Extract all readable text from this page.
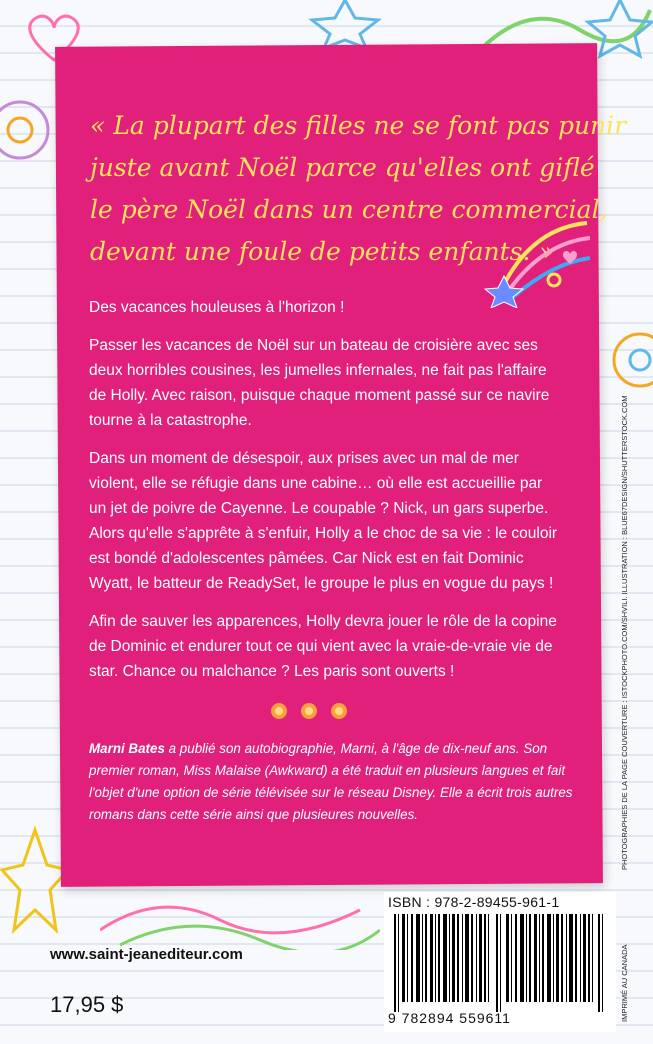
« La plupart des filles ne se font pas punir
juste avant Noël parce qu'elles ont giflé
le père Noël dans un centre commercial,
devant une foule de petits enfants. »

Des vacances houleuses à l'horizon !

Passer les vacances de Noël sur un bateau de croisière avec ses deux horribles cousines, les jumelles infernales, ne fait pas l'affaire de Holly. Avec raison, puisque chaque moment passé sur ce navire tourne à la catastrophe.

Dans un moment de désespoir, aux prises avec un mal de mer violent, elle se réfugie dans une cabine… où elle est accueillie par un jet de poivre de Cayenne. Le coupable ? Nick, un gars superbe. Alors qu'elle s'apprête à s'enfuir, Holly a le choc de sa vie : le couloir est bondé d'adolescentes pâmées. Car Nick est en fait Dominic Wyatt, le batteur de ReadySet, le groupe le plus en vogue du pays !

Afin de sauver les apparences, Holly devra jouer le rôle de la copine de Dominic et endurer tout ce qui vient avec la vraie-de-vraie vie de star. Chance ou malchance ? Les paris sont ouverts !

Marni Bates a publié son autobiographie, Marni, à l'âge de dix-neuf ans. Son premier roman, Miss Malaise (Awkward) a été traduit en plusieurs langues et fait l'objet d'une option de série télévisée sur le réseau Disney. Elle a écrit trois autres romans dans cette série ainsi que plusieures nouvelles.
www.saint-jeanediteur.com
17,95 $
ISBN : 978-2-89455-961-1
9 782894 559611
PHOTOGRAPHIES DE LA PAGE COUVERTURE : ISTOCKPHOTO.COM/SHVILI. ILLUSTRATION : BLUE67DESIGN/SHUTTERSTOCK.COM
IMPRIMÉ AU CANADA
